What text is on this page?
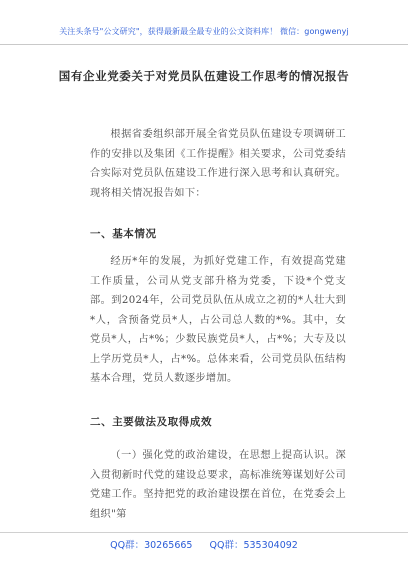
关注头条号"公文研究"，获得最新最全最专业的公文资料库！ 微信：gongwenyj
国有企业党委关于对党员队伍建设工作思考的情况报告
根据省委组织部开展全省党员队伍建设专项调研工作的安排以及集团《工作提醒》相关要求，公司党委结合实际对党员队伍建设工作进行深入思考和认真研究。现将相关情况报告如下：
一、基本情况
经历*年的发展，为抓好党建工作，有效提高党建工作质量，公司从党支部升格为党委，下设*个党支部。到2024年，公司党员队伍从成立之初的*人壮大到*人，含预备党员*人，占公司总人数的*%。其中，女党员*人，占*%；少数民族党员*人，占*%；大专及以上学历党员*人，占*%。总体来看，公司党员队伍结构基本合理，党员人数逐步增加。
二、主要做法及取得成效
（一）强化党的政治建设，在思想上提高认识。深入贯彻新时代党的建设总要求，高标准统筹谋划好公司党建工作。坚持把党的政治建设摆在首位，在党委会上组织"第
QQ群：30265665 QQ群：535304092
